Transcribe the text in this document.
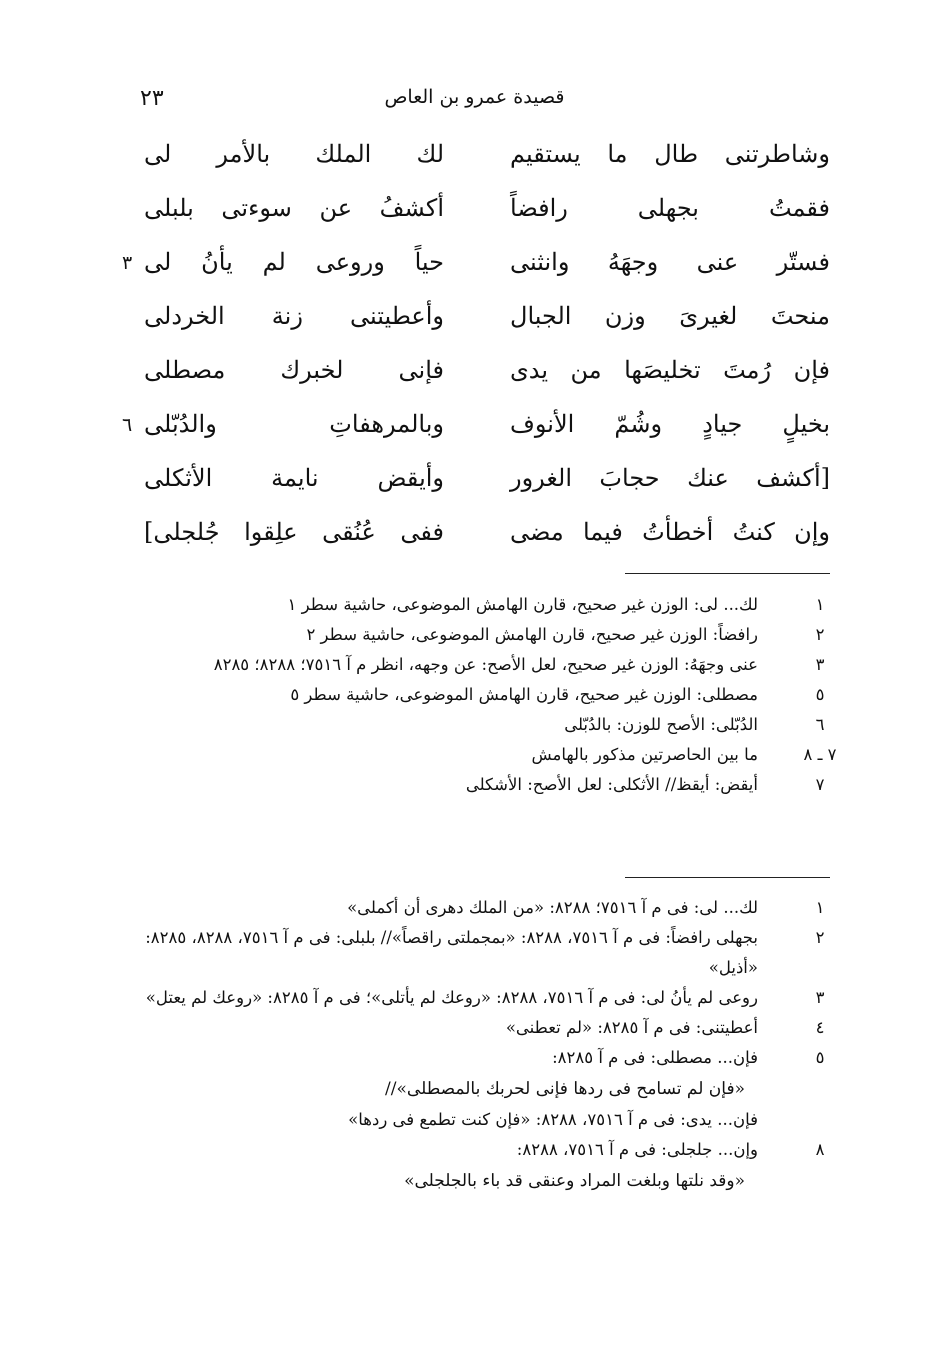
قصيدة عمرو بن العاص
٢٣
وشاطرتنى طال ما يستقيم
لك الملك بالأمر لى
فقمتُ بجهلى رافضاً
أكشفُ عن سوءتى بلبلى
فستّر عنى وجهَهُ وانثنى
حياً وروعى لم يأنُ لى
٣
منحتَ لغيرىَ وزن الجبال
وأعطيتنى زنة الخردلى
فإن رُمتَ تخليصَها من يدى
فإنى لخبرك مصطلى
بخيلٍ جيادٍ وشُمّ الأنوف
وبالمرهفاتِ والدُبّلى
٦
[أكشف عنك حجابَ الغرور
وأيقض نايمة الأثكلى
وإن كنتُ أخطأتُ فيما مضى
ففى عُنُقى علِقوا جُلجلى]
١
لك... لى: الوزن غير صحيح، قارن الهامش الموضوعى، حاشية سطر ١
٢
رافضاً: الوزن غير صحيح، قارن الهامش الموضوعى، حاشية سطر ٢
٣
عنى وجهَهُ: الوزن غير صحيح، لعل الأصح: عن وجهه، انظر م آ ٧٥١٦؛ ٨٢٨٨؛ ٨٢٨٥
٥
مصطلى: الوزن غير صحيح، قارن الهامش الموضوعى، حاشية سطر ٥
٦
الدُبّلى: الأصح للوزن: بالدُبّلى
٧ ـ ٨
ما بين الحاصرتين مذكور بالهامش
٧
أيقض: أيقظ// الأثكلى: لعل الأصح: الأشكلى
١
لك... لى: فى م آ ٧٥١٦؛ ٨٢٨٨: «من الملك دهرى أن أكملى»
٢
بجهلى رافضاً: فى م آ ٧٥١٦، ٨٢٨٨: «بمجملتى راقصاً»// بلبلى: فى م آ ٧٥١٦، ٨٢٨٨، ٨٢٨٥: «أذيل»
٣
روعى لم يأنُ لى: فى م آ ٧٥١٦، ٨٢٨٨: «روعك لم يأتلى»؛ فى م آ ٨٢٨٥: «روعك لم يعتل»
٤
أعطيتنى: فى م آ ٨٢٨٥: «لم تعطنى»
٥
فإن... مصطلى: فى م آ ٨٢٨٥:
«فإن لم تسامح فى ردها فإنى لحربك بالمصطلى»//
فإن... يدى: فى م آ ٧٥١٦، ٨٢٨٨: «فإن كنت تطمع فى ردها»
٨
وإن... جلجلى: فى م آ ٧٥١٦، ٨٢٨٨:
«وقد نلتها وبلغت المراد وعنقى قد باء بالجلجلى»
